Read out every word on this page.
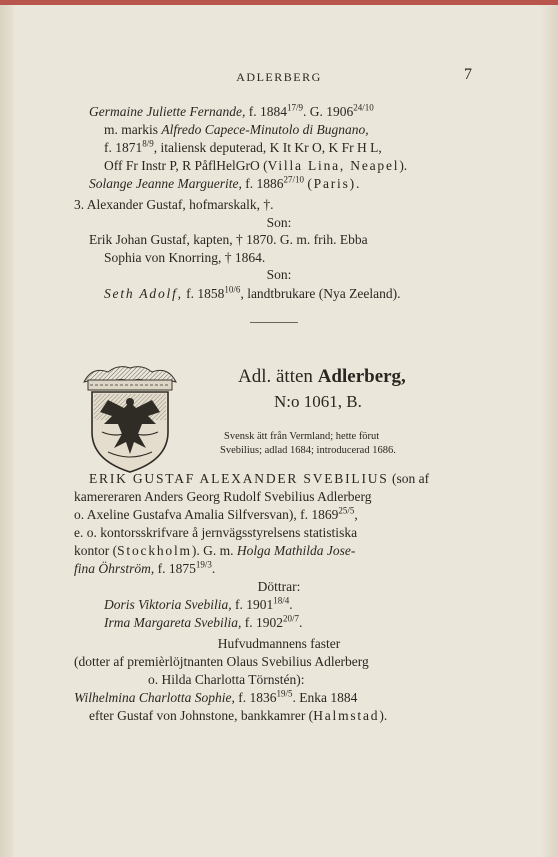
ADLERBERG	7
Germaine Juliette Fernande, f. $1884^{17/9}$. G. $1906^{24/10}$
m. markis Alfredo Capece-Minutolo di Bugnano,
f. $1871^{8/9}$, italiensk deputerad, K It Kr O, K Fr H L,
Off Fr Instr P, R PåflHelGrO (Villa Lina, Neapel).
Solange Jeanne Marguerite, f. $1886^{27/10}$ (Paris).
3. Alexander Gustaf, hofmarskalk, †.
Son:
Erik Johan Gustaf, kapten, † 1870. G. m. frih. Ebba
Sophia von Knorring, † 1864.
Son:
Seth Adolf, f. $1858^{10/6}$, landtbrukare (Nya Zeeland).
Adl. ätten Adlerberg,
N:o 1061, B.
Svensk ätt från Vermland; hette förut
Svebilius; adlad 1684; introducerad 1686.
ERIK GUSTAF ALEXANDER SVEBILIUS (son af
kamereraren Anders Georg Rudolf Svebilius Adlerberg
o. Axeline Gustafva Amalia Silfversvan), f. $1869^{25/5}$,
e. o. kontorsskrifvare å jernvägsstyrelsens statistiska
kontor (Stockholm). G. m. Holga Mathilda Jose-
fina Öhrström, f. $1875^{19/3}$.
Döttrar:
Doris Viktoria Svebilia, f. $1901^{18/4}$.
Irma Margareta Svebilia, f. $1902^{20/7}$.
Hufvudmannens faster
(dotter af premièrlöjtnanten Olaus Svebilius Adlerberg
o. Hilda Charlotta Törnstén):
Wilhelmina Charlotta Sophie, f. $1836^{19/5}$. Enka 1884
efter Gustaf von Johnstone, bankkamrer (Halmstad).
